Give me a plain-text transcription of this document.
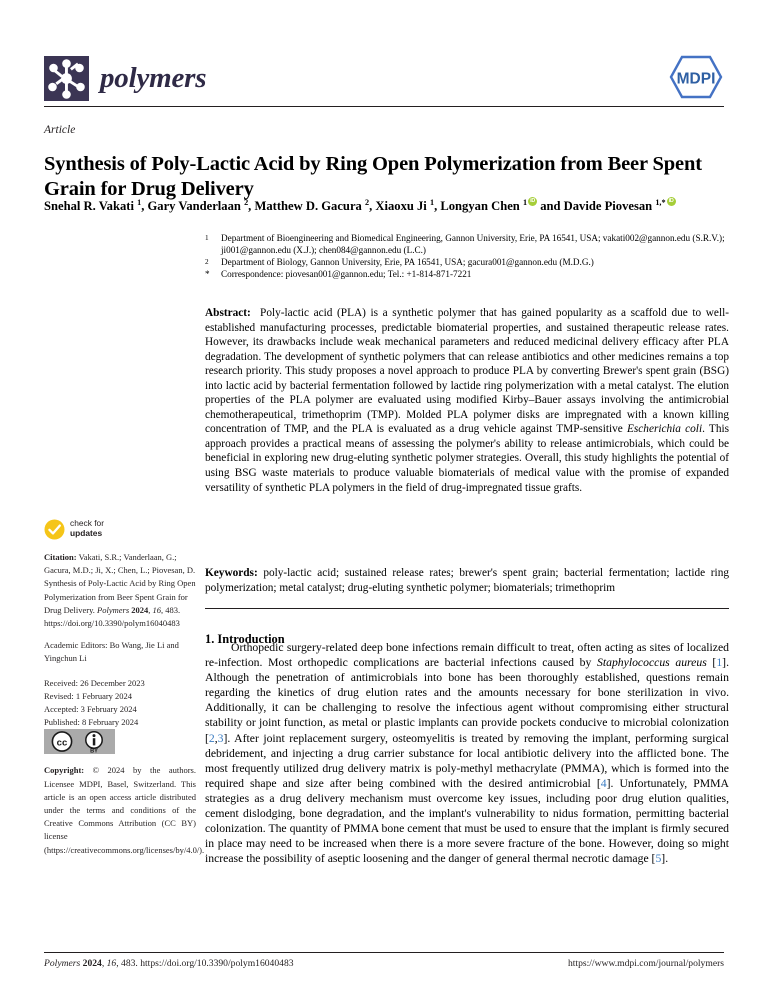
polymers	MDPI
Article
Synthesis of Poly-Lactic Acid by Ring Open Polymerization from Beer Spent Grain for Drug Delivery
Snehal R. Vakati $^1$, Gary Vanderlaan $^2$, Matthew D. Gacura $^2$, Xiaoxu Ji $^1$, Longyan Chen $^1$iD and Davide Piovesan $^{1,*}$iD
1	Department of Bioengineering and Biomedical Engineering, Gannon University, Erie, PA 16541, USA; vakati002@gannon.edu (S.R.V.); ji001@gannon.edu (X.J.); chen084@gannon.edu (L.C.)
2	Department of Biology, Gannon University, Erie, PA 16541, USA; gacura001@gannon.edu (M.D.G.)
*	Correspondence: piovesan001@gannon.edu; Tel.: +1-814-871-7221
Abstract:  Poly-lactic acid (PLA) is a synthetic polymer that has gained popularity as a scaffold due to well-established manufacturing processes, predictable biomaterial properties, and sustained therapeutic release rates. However, its drawbacks include weak mechanical parameters and reduced medicinal delivery efficacy after PLA degradation. The development of synthetic polymers that can release antibiotics and other medicines remains a top research priority. This study proposes a novel approach to produce PLA by converting Brewer's spent grain (BSG) into lactic acid by bacterial fermentation followed by lactide ring polymerization with a metal catalyst. The elution properties of the PLA polymer are evaluated using modified Kirby–Bauer assays involving the antimicrobial chemotherapeutical, trimethoprim (TMP). Molded PLA polymer disks are impregnated with a known killing concentration of TMP, and the PLA is evaluated as a drug vehicle against TMP-sensitive Escherichia coli. This approach provides a practical means of assessing the polymer's ability to release antimicrobials, which could be beneficial in exploring new drug-eluting synthetic polymer strategies. Overall, this study highlights the potential of using BSG waste materials to produce valuable biomaterials of medical value with the promise of expanded versatility of synthetic PLA polymers in the field of drug-impregnated tissue grafts.
Keywords: poly-lactic acid; sustained release rates; brewer's spent grain; bacterial fermentation; lactide ring polymerization; metal catalyst; drug-eluting synthetic polymer; biomaterials; trimethoprim
1. Introduction
Orthopedic surgery-related deep bone infections remain difficult to treat, often acting as sites of localized re-infection. Most orthopedic complications are bacterial infections caused by Staphylococcus aureus [1]. Although the penetration of antimicrobials into bone has been thoroughly established, questions remain regarding the kinetics of drug elution rates and the amounts necessary for bone sterilization in vivo. Additionally, it can be challenging to resolve the infectious agent without compromising either structural stability or joint function, as metal or plastic implants can provide pockets conducive to microbial colonization [2,3]. After joint replacement surgery, osteomyelitis is treated by removing the implant, performing surgical debridement, and injecting a drug carrier substance for local antibiotic delivery into the afflicted bone. The most frequently utilized drug delivery matrix is poly-methyl methacrylate (PMMA), which is formed into the required shape and size after being combined with the desired antimicrobial [4]. Unfortunately, PMMA strategies as a drug delivery mechanism must overcome key issues, including poor drug elution qualities, cement dislodging, bone degradation, and the implant's vulnerability to nidus formation, permitting bacterial colonization. The quantity of PMMA bone cement that must be used to ensure that the implant is firmly secured in place may need to be increased when there is a more severe fracture of the bone. However, doing so might increase the possibility of aseptic loosening and the danger of general thermal necrotic damage [5].
check for
updates
Citation: Vakati, S.R.; Vanderlaan, G.; Gacura, M.D.; Ji, X.; Chen, L.; Piovesan, D. Synthesis of Poly-Lactic Acid by Ring Open Polymerization from Beer Spent Grain for Drug Delivery. Polymers 2024, 16, 483. https://doi.org/10.3390/polym16040483
Academic Editors: Bo Wang, Jie Li and Yingchun Li
Received: 26 December 2023
Revised: 1 February 2024
Accepted: 3 February 2024
Published: 8 February 2024
cc
BY
Copyright: © 2024 by the authors. Licensee MDPI, Basel, Switzerland. This article is an open access article distributed under the terms and conditions of the Creative Commons Attribution (CC BY) license (https://creativecommons.org/licenses/by/4.0/).
Polymers 2024, 16, 483. https://doi.org/10.3390/polym16040483	https://www.mdpi.com/journal/polymers
